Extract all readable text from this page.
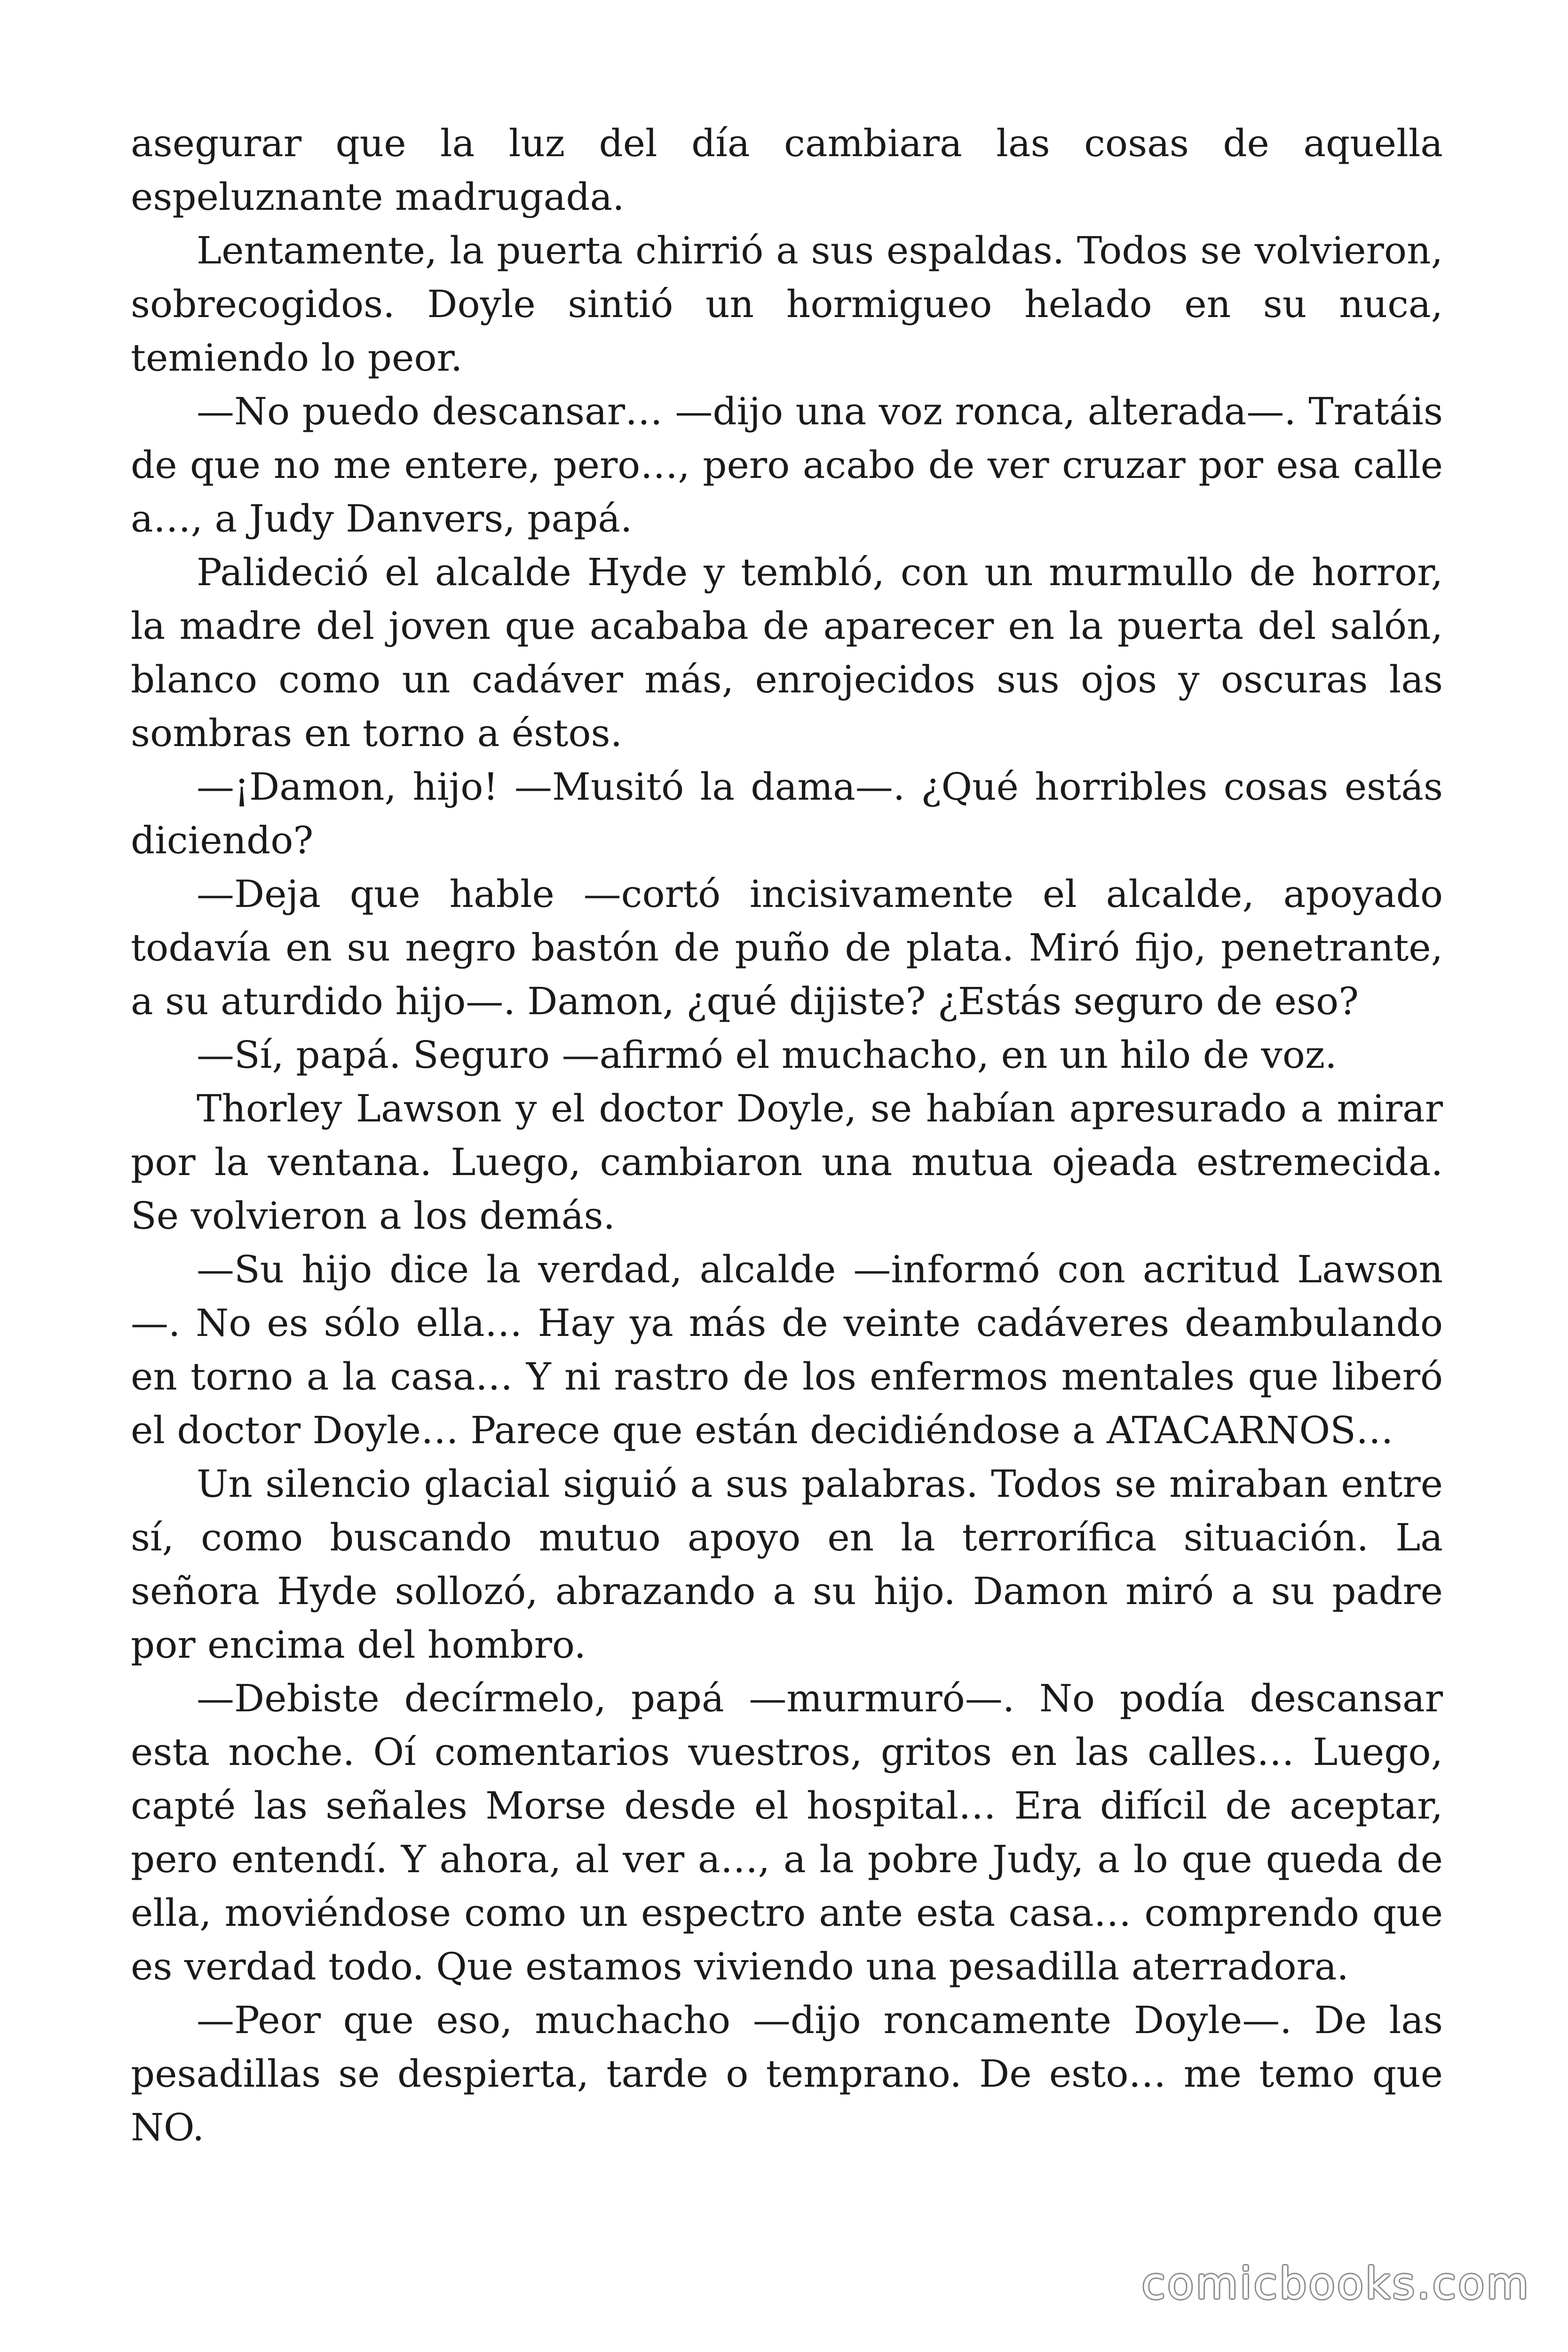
asegurar que la luz del día cambiara las cosas de aquella espeluznante madrugada.

Lentamente, la puerta chirrió a sus espaldas. Todos se volvieron, sobrecogidos. Doyle sintió un hormigueo helado en su nuca, temiendo lo peor.

—No puedo descansar… —dijo una voz ronca, alterada—. Tratáis de que no me entere, pero…, pero acabo de ver cruzar por esa calle a…, a Judy Danvers, papá.

Palideció el alcalde Hyde y tembló, con un murmullo de horror, la madre del joven que acababa de aparecer en la puerta del salón, blanco como un cadáver más, enrojecidos sus ojos y oscuras las sombras en torno a éstos.

—¡Damon, hijo! —Musitó la dama—. ¿Qué horribles cosas estás diciendo?

—Deja que hable —cortó incisivamente el alcalde, apoyado todavía en su negro bastón de puño de plata. Miró fijo, penetrante, a su aturdido hijo—. Damon, ¿qué dijiste? ¿Estás seguro de eso?

—Sí, papá. Seguro —afirmó el muchacho, en un hilo de voz.

Thorley Lawson y el doctor Doyle, se habían apresurado a mirar por la ventana. Luego, cambiaron una mutua ojeada estremecida. Se volvieron a los demás.

—Su hijo dice la verdad, alcalde —informó con acritud Lawson —. No es sólo ella… Hay ya más de veinte cadáveres deambulando en torno a la casa… Y ni rastro de los enfermos mentales que liberó el doctor Doyle… Parece que están decidiéndose a ATACARNOS…

Un silencio glacial siguió a sus palabras. Todos se miraban entre sí, como buscando mutuo apoyo en la terrorífica situación. La señora Hyde sollozó, abrazando a su hijo. Damon miró a su padre por encima del hombro.

—Debiste decírmelo, papá —murmuró—. No podía descansar esta noche. Oí comentarios vuestros, gritos en las calles… Luego, capté las señales Morse desde el hospital… Era difícil de aceptar, pero entendí. Y ahora, al ver a…, a la pobre Judy, a lo que queda de ella, moviéndose como un espectro ante esta casa… comprendo que es verdad todo. Que estamos viviendo una pesadilla aterradora.

—Peor que eso, muchacho —dijo roncamente Doyle—. De las pesadillas se despierta, tarde o temprano. De esto… me temo que NO.

comicbooks.com
